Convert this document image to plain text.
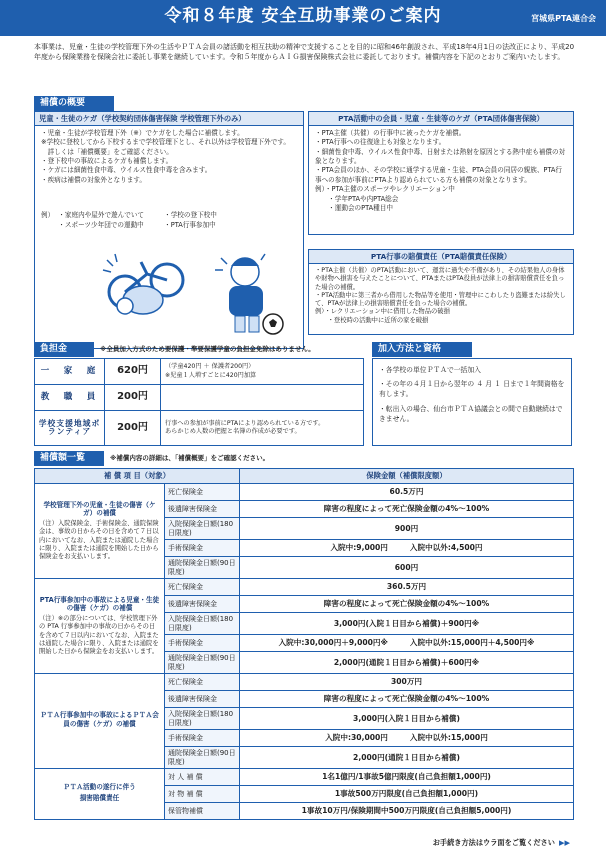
令和８年度 安全互助事業のご案内	宮城県PTA連合会
本事業は、児童・生徒の学校管理下外の生活やＰＴＡ会員の諸活動を相互扶助の精神で支援することを目的に昭和46年創設され、平成18年4月1日の法改正により、平成20年度から保険業務を保険会社に委託し事業を継続しています。令和５年度からＡＩＧ損害保険株式会社に委託しております。補償内容を下記のとおりご案内いたします。
補償の概要
児童・生徒のケガ（学校契約団体傷害保険 学校管理下外のみ）
・児童・生徒が学校管理下外（※）でケガをした場合に補償します。
※学校に登校してから下校するまで学校管理下とし、それ以外は学校管理下外です。
　詳しくは「補償概要」をご確認ください。
・登下校中の事故によるケガも補償します。
・ケガには細菌性食中毒、ウイルス性食中毒を含みます。
・疾病は補償の対象外となります。
例） ・家庭内や屋外で遊んでいて
・スポーツ少年団での運動中

・学校の登下校中
・PTA行事参加中
PTA活動中の会員・児童・生徒等のケガ（PTA団体傷害保険）
・PTA主催（共催）の行事中に被ったケガを補償。
・PTA行事への往復途上も対象となります。
・細菌性食中毒、ウイルス性食中毒、日射または熱射を原因とする熱中症も補償の対象となります。
・PTA会員のほか、その学校に通学する児童・生徒、PTA会員の同居の親族、PTA行事への参加が事前にPTAより認められている方も補償の対象となります。
例）・PTA主催のスポーツやレクリエーション中
　　・学年PTAや内PTA総会
　　・運動会のPTA種目中
PTA行事の賠償責任（PTA賠償責任保険）
・PTA主催（共催）のPTA活動において、運営に過失や不備があり、その結果他人の身体や財物へ損害を与えたことについて、PTAまたはPTA役員が法律上の損害賠償責任を負った場合の補償。
・PTA活動中に第三者から借用した物品等を使用・管理中にこわしたり盗難または紛失して、PTAが法律上の損害賠償責任を負った場合の補償。
例）・レクリエーション中に借用した物品の破損
　　・登校時の活動中に近所の家を破損
負担金	※全員加入方式のため要保護・準要保護学童の負担金免除はありません。	加入方法と資格
一　家　庭	620円	（学童420円 ＋ 保護者200円）
※児童１人増すごとに420円加算
教　職　員	200円
学校支援地域ボランティア	200円	行事への参加が事前にPTAにより認められている方です。
あらかじめ人数の把握と名簿の作成が必要です。
・各学校の単位ＰＴＡで一括加入
・その年の４月１日から翌年の ４ 月 １ 日まで１年間資格を有します。
・転出入の場合、仙台市ＰＴＡ協議会との間で自動継続はできません。
補償額一覧	※補償内容の詳細は、「補償概要」をご確認ください。
補 償 項 目（対象）		保険金額（補償限度額）

学校管理下外の児童・生徒の傷害（ケガ）の補償
（注）入院保険金、手術保険金、通院保険金は、事故の日からその日を含めて７日以内においてなお、入院または通院した場合に限り、入院または通院を開始した日から保険金をお支払いします。	死亡保険金	60.5万円
	後遺障害保険金	障害の程度によって死亡保険金額の4%〜100%
	入院保険金日額(180日限度)	900円
	手術保険金	入院中:9,000円 入院中以外:4,500円
	通院保険金日額(90日限度)	600円

PTA行事参加中の事故による児童・生徒の傷害（ケガ）の補償
（注）※の部分については、学校管理下外の PTA 行事参加中の事故の日からその日を含めて７日以内においてなお、入院または通院した場合に限り、入院または通院を開始した日から保険金をお支払いします。	死亡保険金	360.5万円
	後遺障害保険金	障害の程度によって死亡保険金額の4%〜100%
	入院保険金日額(180日限度)	3,000円(入院１日目から補償)＋900円※
	手術保険金	入院中:30,000円＋9,000円※ 入院中以外:15,000円＋4,500円※
	通院保険金日額(90日限度)	2,000円(通院１日目から補償)＋600円※

ＰＴＡ行事参加中の事故によるＰＴＡ会員の傷害（ケガ）の補償	死亡保険金	300万円
	後遺障害保険金	障害の程度によって死亡保険金額の4%〜100%
	入院保険金日額(180日限度)	3,000円(入院１日目から補償)
	手術保険金	入院中:30,000円 入院中以外:15,000円
	通院保険金日額(90日限度)	2,000円(通院１日目から補償)

ＰＴＡ活動の遂行に伴う
損害賠償責任	対 人 補 償	1名1億円/1事故5億円限度(自己負担額1,000円)
	対 物 補 償	1事故500万円限度(自己負担額1,000円)
	保管物補償	1事故10万円/保険期間中500万円限度(自己負担額5,000円)
お手続き方法はウラ面をご覧ください ▶▶
